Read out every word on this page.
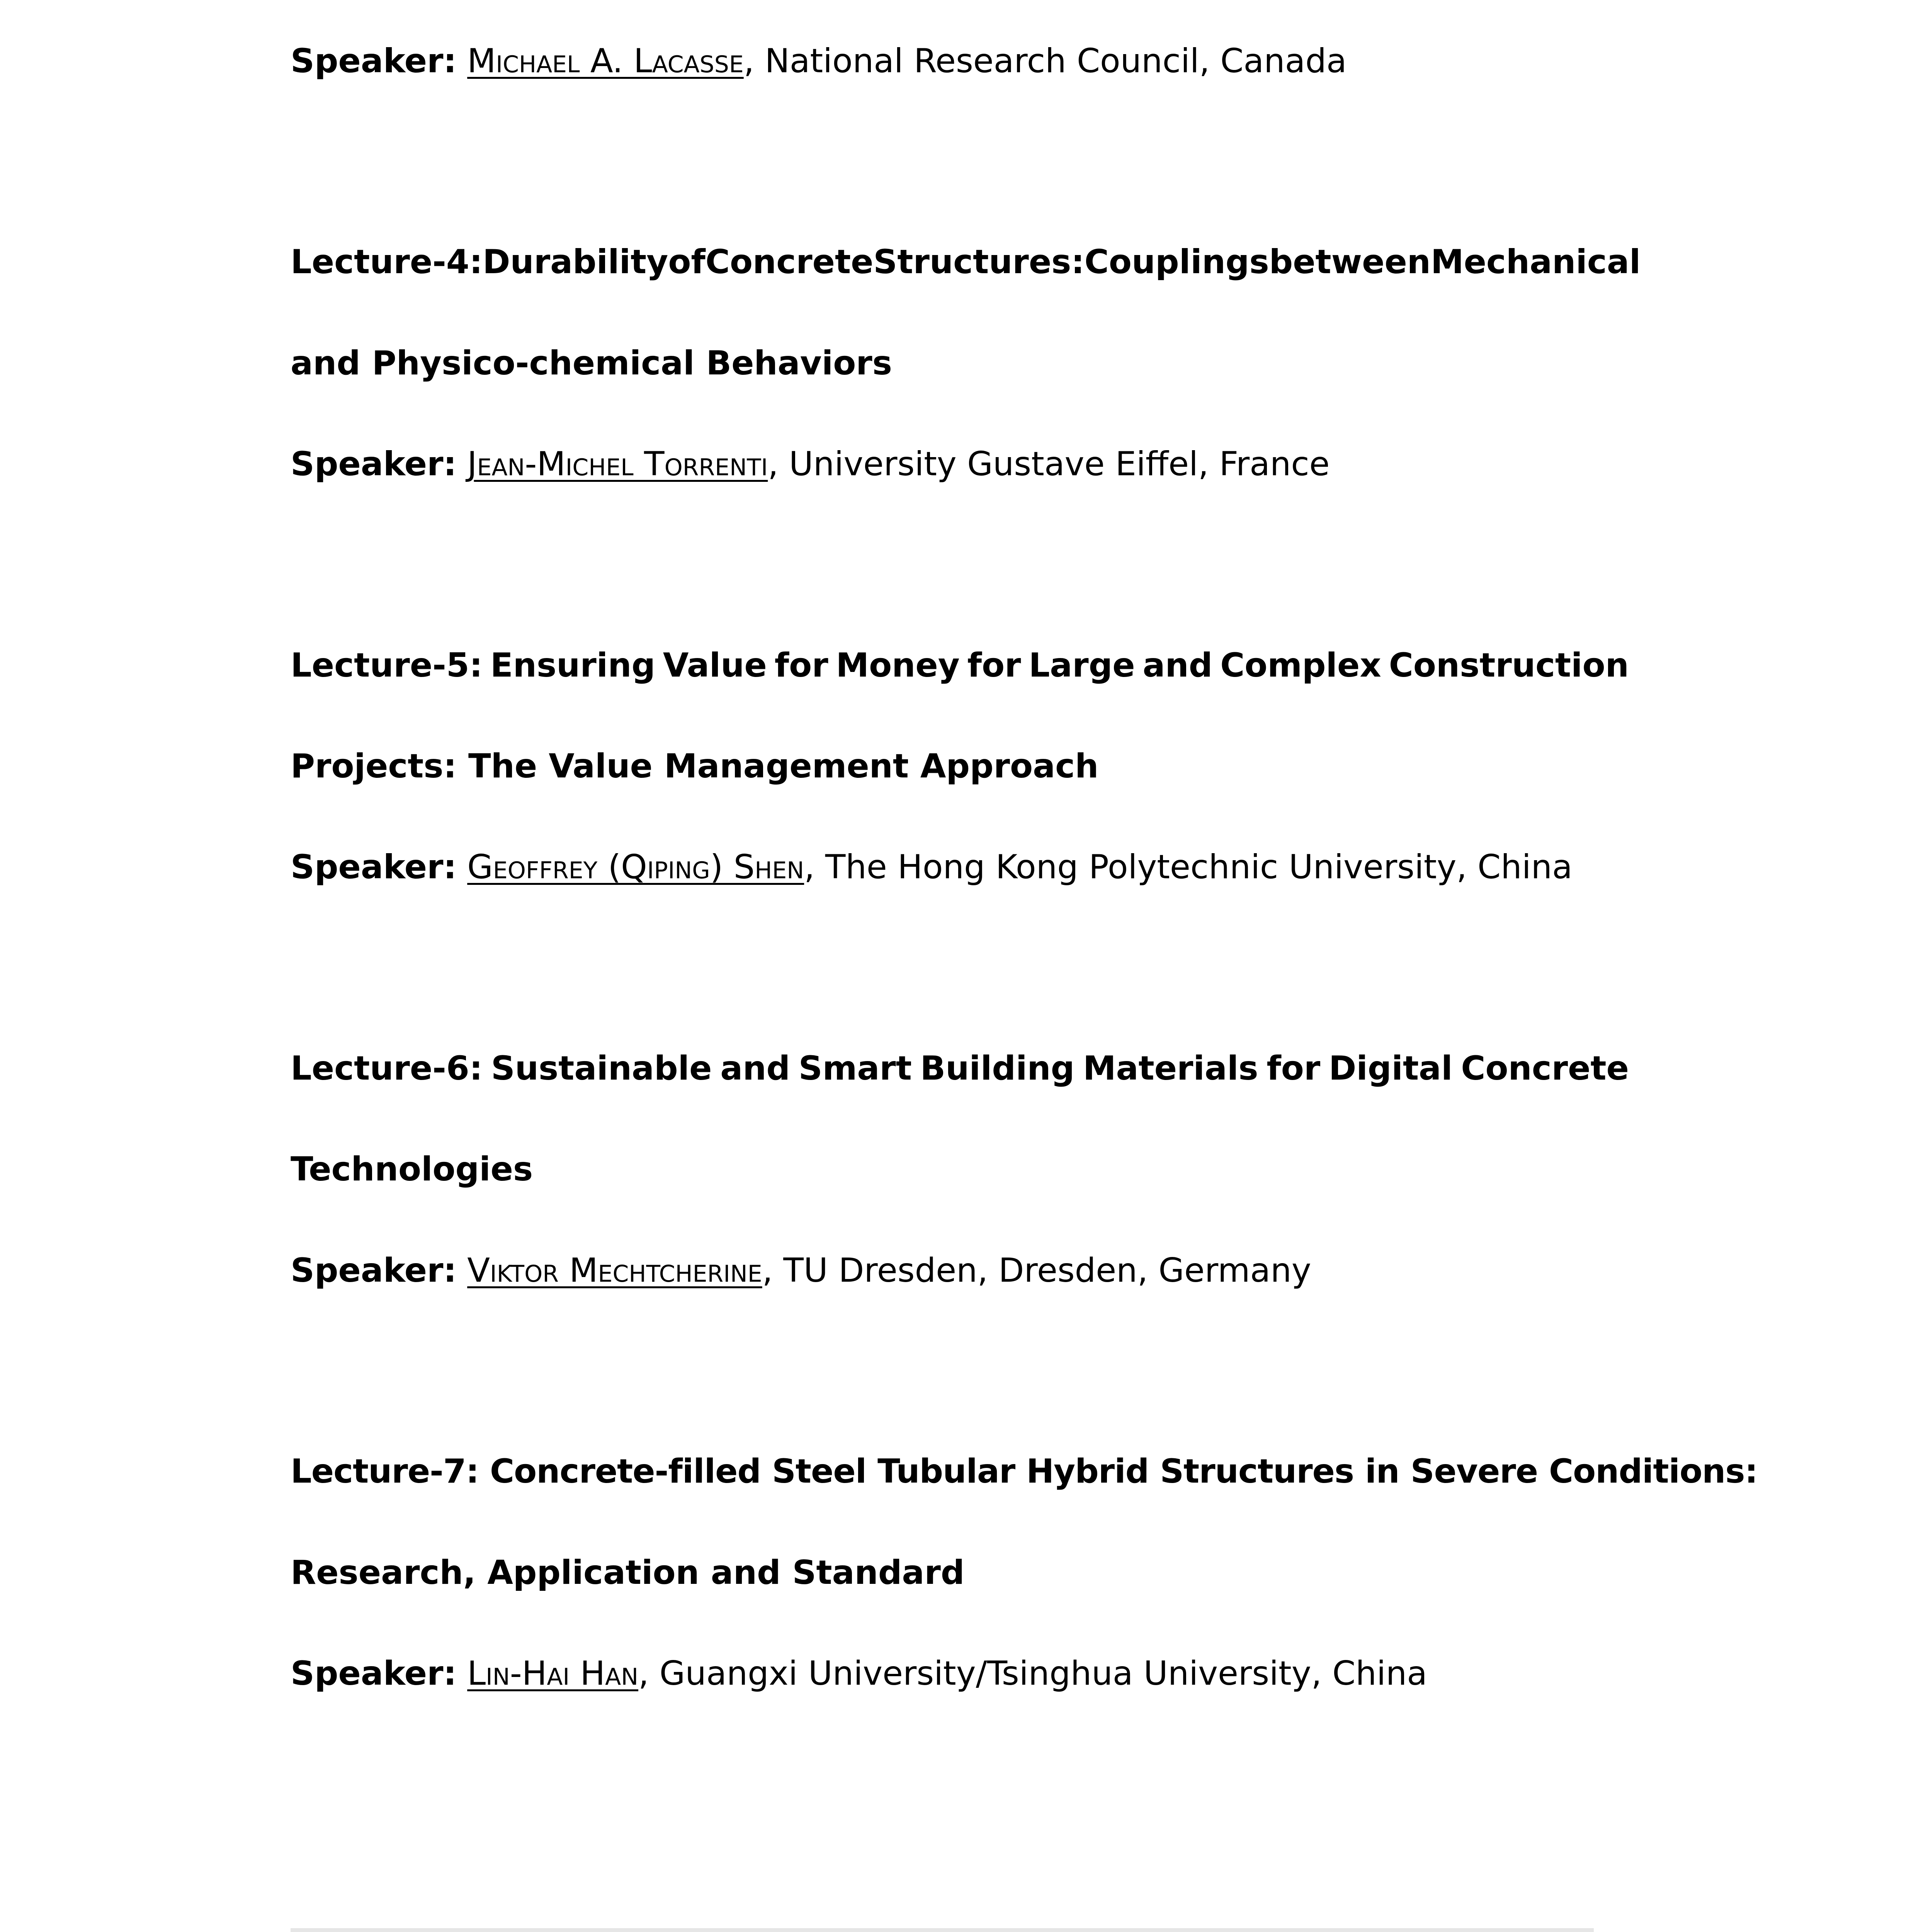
Speaker: Michael A. Lacasse, National Research Council, Canada
Lecture-4: Durability of Concrete Structures: Couplings between Mechanical
and Physico-chemical Behaviors
Speaker: Jean-Michel Torrenti, University Gustave Eiffel, France
Lecture-5: Ensuring Value for Money for Large and Complex Construction
Projects: The Value Management Approach
Speaker: Geoffrey (Qiping) Shen, The Hong Kong Polytechnic University, China
Lecture-6: Sustainable and Smart Building Materials for Digital Concrete
Technologies
Speaker: Viktor Mechtcherine, TU Dresden, Dresden, Germany
Lecture-7: Concrete-filled Steel Tubular Hybrid Structures in Severe Conditions:
Research, Application and Standard
Speaker: Lin-Hai Han, Guangxi University/Tsinghua University, China
